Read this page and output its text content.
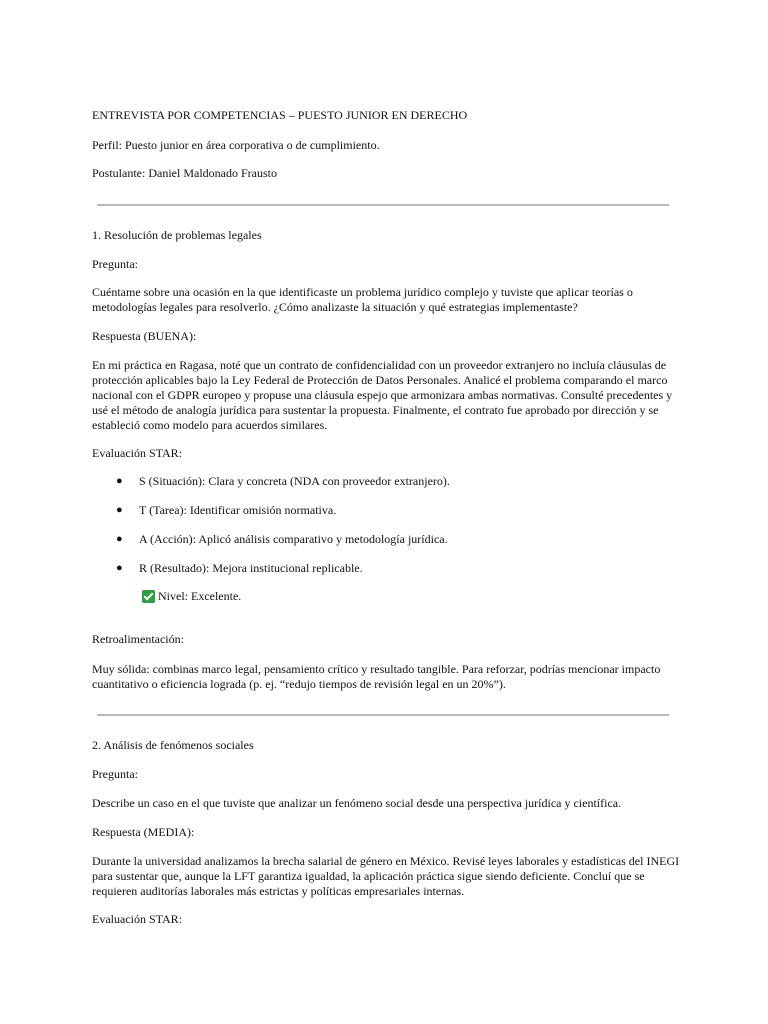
ENTREVISTA POR COMPETENCIAS – PUESTO JUNIOR EN DERECHO

Perfil: Puesto junior en área corporativa o de cumplimiento.

Postulante: Daniel Maldonado Frausto

1. Resolución de problemas legales

Pregunta:

Cuéntame sobre una ocasión en la que identificaste un problema jurídico complejo y tuviste que aplicar teorías o metodologías legales para resolverlo. ¿Cómo analizaste la situación y qué estrategias implementaste?

Respuesta (BUENA):

En mi práctica en Ragasa, noté que un contrato de confidencialidad con un proveedor extranjero no incluía cláusulas de protección aplicables bajo la Ley Federal de Protección de Datos Personales. Analicé el problema comparando el marco nacional con el GDPR europeo y propuse una cláusula espejo que armonizara ambas normativas. Consulté precedentes y usé el método de analogía jurídica para sustentar la propuesta. Finalmente, el contrato fue aprobado por dirección y se estableció como modelo para acuerdos similares.

Evaluación STAR:

● S (Situación): Clara y concreta (NDA con proveedor extranjero).
● T (Tarea): Identificar omisión normativa.
● A (Acción): Aplicó análisis comparativo y metodología jurídica.
● R (Resultado): Mejora institucional replicable.
Nivel: Excelente.

Retroalimentación:

Muy sólida: combinas marco legal, pensamiento crítico y resultado tangible. Para reforzar, podrías mencionar impacto cuantitativo o eficiencia lograda (p. ej. “redujo tiempos de revisión legal en un 20%”).

2. Análisis de fenómenos sociales

Pregunta:

Describe un caso en el que tuviste que analizar un fenómeno social desde una perspectiva jurídica y científica.

Respuesta (MEDIA):

Durante la universidad analizamos la brecha salarial de género en México. Revisé leyes laborales y estadísticas del INEGI para sustentar que, aunque la LFT garantiza igualdad, la aplicación práctica sigue siendo deficiente. Concluí que se requieren auditorías laborales más estrictas y políticas empresariales internas.

Evaluación STAR:
